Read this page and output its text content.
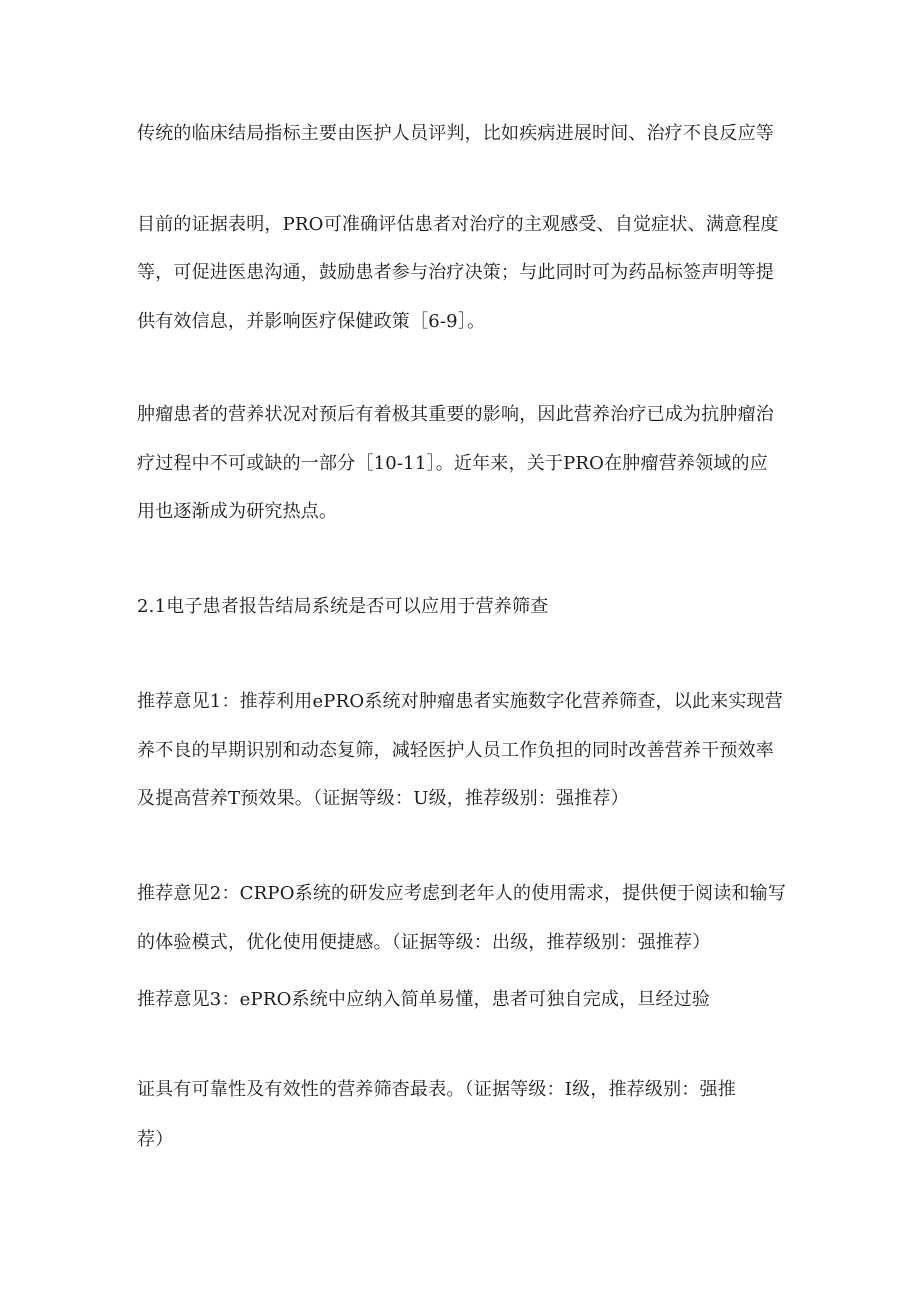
传统的临床结局指标主要由医护人员评判，比如疾病进展时间、治疗不良反应等

目前的证据表明，PRO可准确评估患者对治疗的主观感受、自觉症状、满意程度

等，可促进医患沟通，鼓励患者参与治疗决策；与此同时可为药品标签声明等提

供有效信息，并影响医疗保健政策［6-9］。

肿瘤患者的营养状况对预后有着极其重要的影响，因此营养治疗已成为抗肿瘤治

疗过程中不可或缺的一部分［10-11］。近年来，关于PRO在肿瘤营养领域的应

用也逐渐成为研究热点。

2.1电子患者报告结局系统是否可以应用于营养筛查

推荐意见1：推荐利用ePRO系统对肿瘤患者实施数字化营养筛查，以此来实现营

养不良的早期识别和动态复筛，减轻医护人员工作负担的同时改善营养干预效率

及提高营养T预效果。（证据等级：U级，推荐级别：强推荐）

推荐意见2：CRPO系统的研发应考虑到老年人的使用需求，提供便于阅读和输写

的体验模式，优化使用便捷感。（证据等级：出级，推荐级别：强推荐）

推荐意见3：ePRO系统中应纳入简单易懂，患者可独自完成，旦经过验

证具有可靠性及有效性的营养筛杳最表。（证据等级：I级，推荐级别：强推

荐）
